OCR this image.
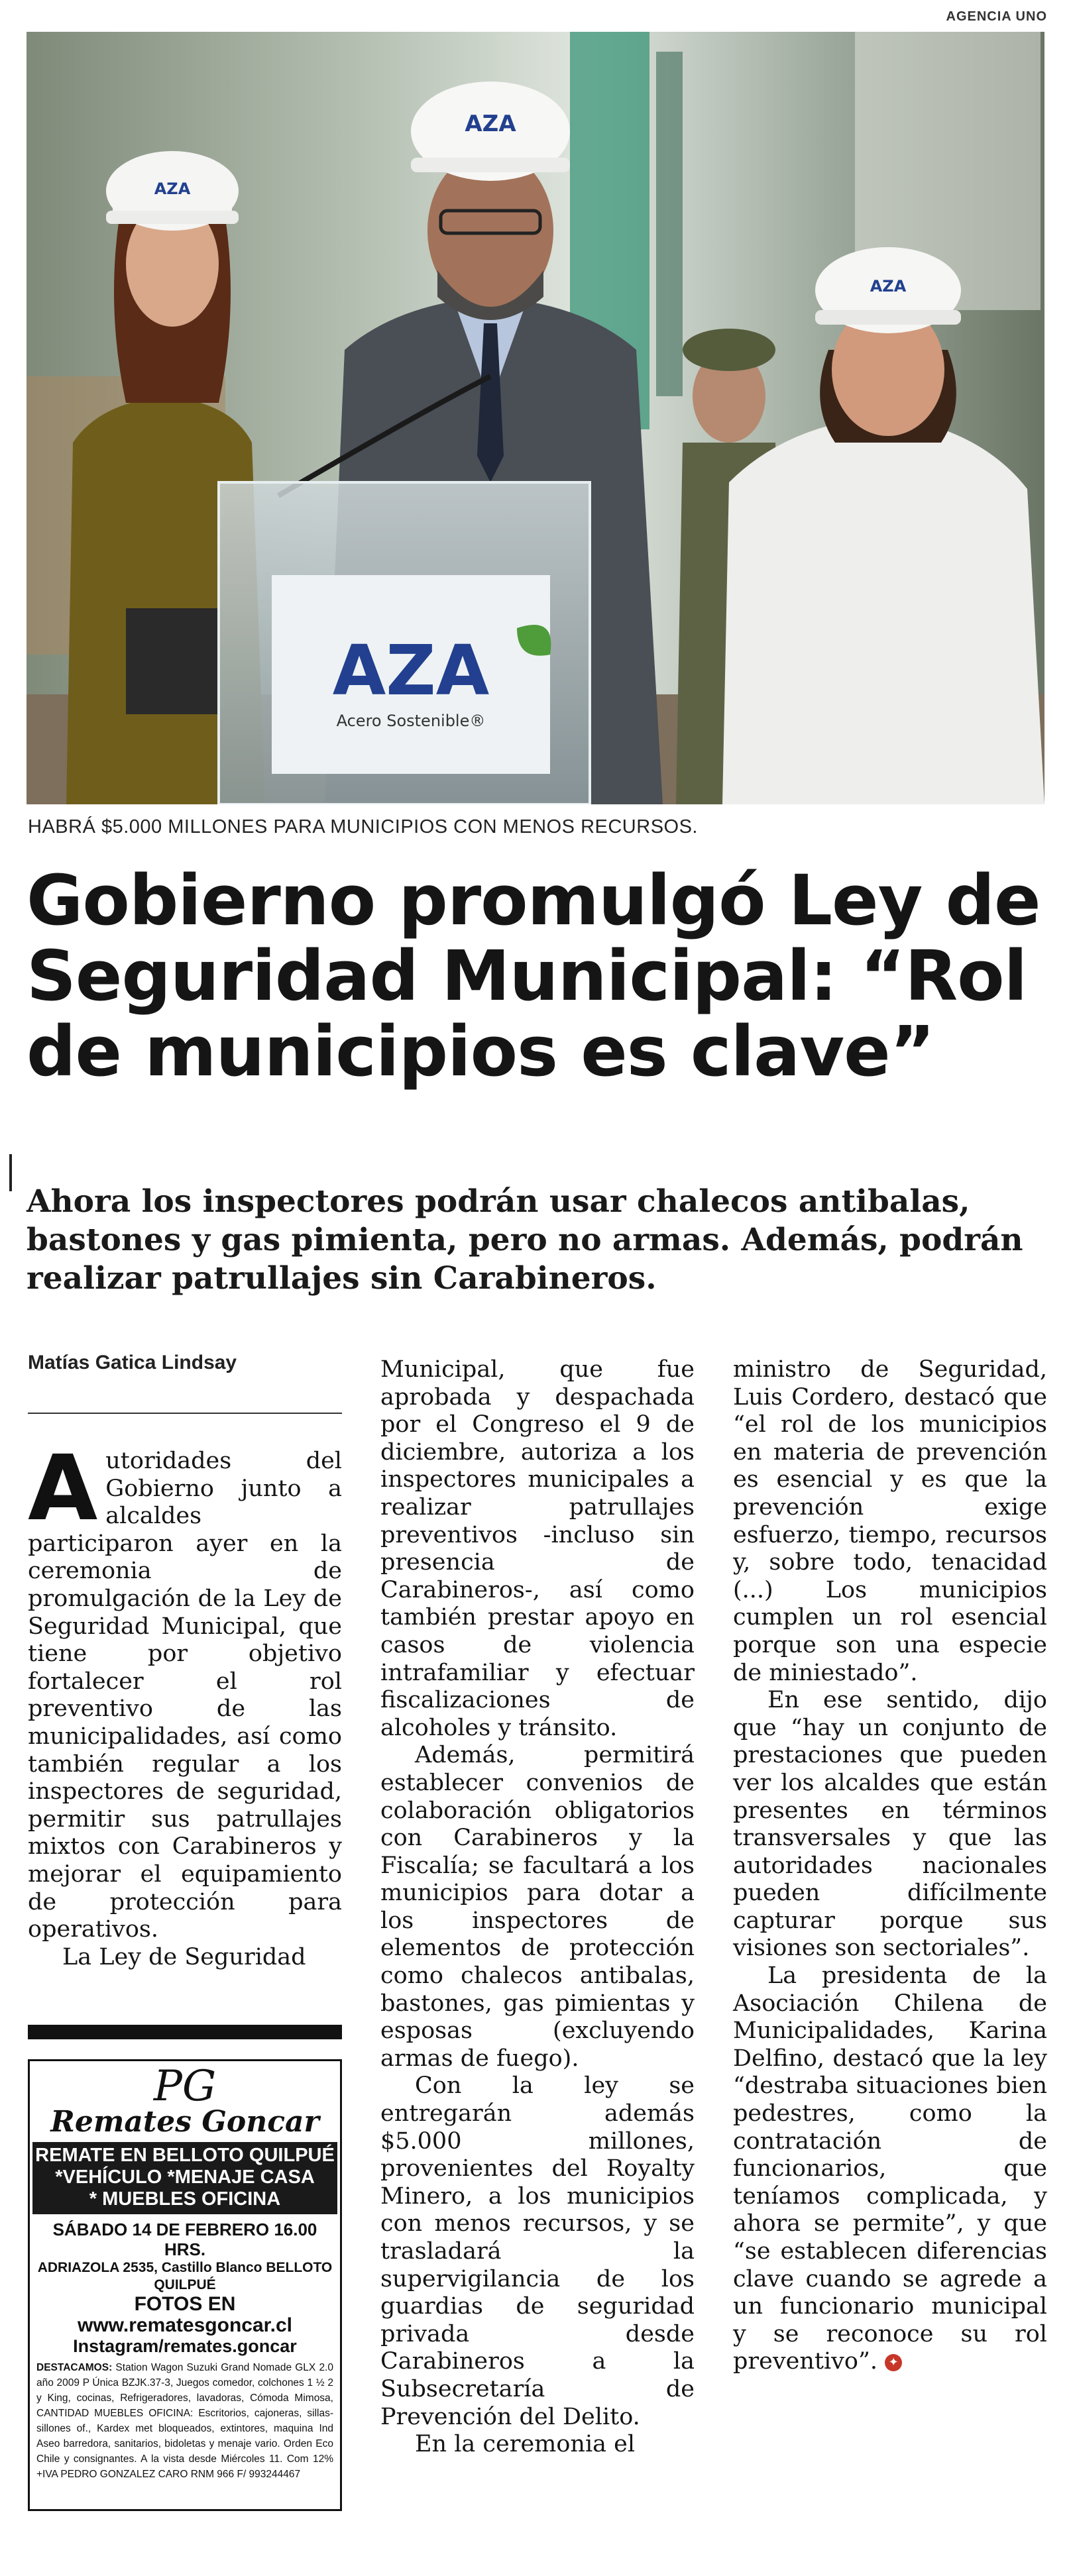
AGENCIA UNO
AZA
Acero Sostenible®
AZA
AZA
AZA
HABRÁ $5.000 MILLONES PARA MUNICIPIOS CON MENOS RECURSOS.
Gobierno promulgó Ley de Seguridad Municipal: “Rol de municipios es clave”
Ahora los inspectores podrán usar chalecos antibalas, bastones y gas pimienta, pero no armas. Además, podrán realizar patrullajes sin Carabineros.
Matías Gatica Lindsay

Autoridades del Gobierno junto a alcaldes participaron ayer en la ceremonia de promulgación de la Ley de Seguridad Municipal, que tiene por objetivo fortalecer el rol preventivo de las municipalidades, así como también regular a los inspectores de seguridad, permitir sus patrullajes mixtos con Carabineros y mejorar el equipamiento de protección para operativos.

La Ley de Seguridad

Municipal, que fue aprobada y despachada por el Congreso el 9 de diciembre, autoriza a los inspectores municipales a realizar patrullajes preventivos -incluso sin presencia de Carabineros-, así como también prestar apoyo en casos de violencia intrafamiliar y efectuar fiscalizaciones de alcoholes y tránsito.

Además, permitirá establecer convenios de colaboración obligatorios con Carabineros y la Fiscalía; se facultará a los municipios para dotar a los inspectores de elementos de protección como chalecos antibalas, bastones, gas pimientas y esposas (excluyendo armas de fuego).

Con la ley se entregarán además $5.000 millones, provenientes del Royalty Minero, a los municipios con menos recursos, y se trasladará la supervigilancia de los guardias de seguridad privada desde Carabineros a la Subsecretaría de Prevención del Delito.

En la ceremonia el

ministro de Seguridad, Luis Cordero, destacó que “el rol de los municipios en materia de prevención es esencial y es que la prevención exige esfuerzo, tiempo, recursos y, sobre todo, tenacidad (...) Los municipios cumplen un rol esencial porque son una especie de miniestado”.

En ese sentido, dijo que “hay un conjunto de prestaciones que pueden ver los alcaldes que están presentes en términos transversales y que las autoridades nacionales pueden difícilmente capturar porque sus visiones son sectoriales”.

La presidenta de la Asociación Chilena de Municipalidades, Karina Delfino, destacó que la ley “destraba situaciones bien pedestres, como la contratación de funcionarios, que teníamos complicada, y ahora se permite”, y que “se establecen diferencias clave cuando se agrede a un funcionario municipal y se reconoce su rol preventivo”. ✦

PG
Remates Goncar
REMATE EN BELLOTO QUILPUÉ
*VEHÍCULO *MENAJE CASA
* MUEBLES OFICINA
SÁBADO 14 DE FEBRERO 16.00 HRS.
ADRIAZOLA 2535, Castillo Blanco BELLOTO QUILPUÉ
FOTOS EN www.rematesgoncar.cl
Instagram/remates.goncar
DESTACAMOS: Station Wagon Suzuki Grand Nomade GLX 2.0 año 2009 P Única BZJK.37-3, Juegos comedor, colchones 1 ½ 2 y King, cocinas, Refrigeradores, lavadoras, Cómoda Mimosa, CANTIDAD MUEBLES OFICINA: Escritorios, cajoneras, sillas-sillones of., Kardex met bloqueados, extintores, maquina Ind Aseo barredora, sanitarios, bidoletas y menaje vario. Orden Eco Chile y consignantes. A la vista desde Miércoles 11. Com 12% +IVA PEDRO GONZALEZ CARO RNM 966 F/ 993244467
